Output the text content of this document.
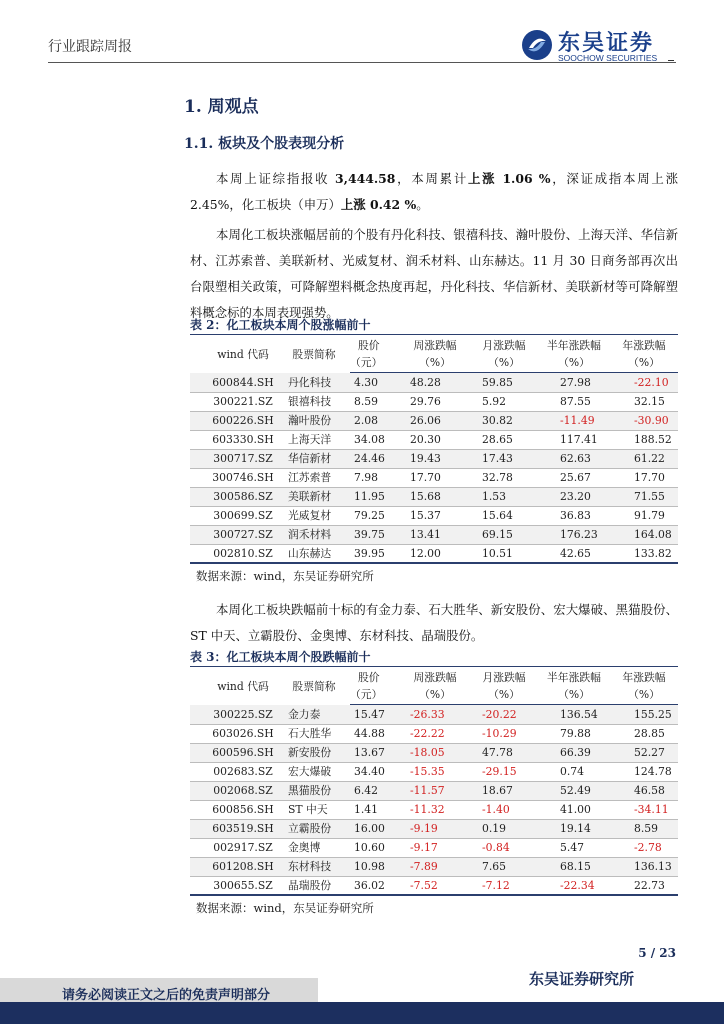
行业跟踪周报	东吴证券
SOOCHOW SECURITIES
1. 周观点
1.1. 板块及个股表现分析
本周上证综指报收 3,444.58，本周累计上涨 1.06 %，深证成指本周上涨 2.45%，化工板块（申万）上涨 0.42 %。
本周化工板块涨幅居前的个股有丹化科技、银禧科技、瀚叶股份、上海天洋、华信新材、江苏索普、美联新材、光威复材、润禾材料、山东赫达。11 月 30 日商务部再次出台限塑相关政策，可降解塑料概念热度再起，丹化科技、华信新材、美联新材等可降解塑料概念标的本周表现强势。
表 2：化工板块本周个股涨幅前十
wind 代码	股票简称	股价	周涨跌幅	月涨跌幅	半年涨跌幅	年涨跌幅
		（元）	（%）	（%）	（%）	（%）
600844.SH	丹化科技	4.30	48.28	59.85	27.98	-22.10
300221.SZ	银禧科技	8.59	29.76	5.92	87.55	32.15
600226.SH	瀚叶股份	2.08	26.06	30.82	-11.49	-30.90
603330.SH	上海天洋	34.08	20.30	28.65	117.41	188.52
300717.SZ	华信新材	24.46	19.43	17.43	62.63	61.22
300746.SH	江苏索普	7.98	17.70	32.78	25.67	17.70
300586.SZ	美联新材	11.95	15.68	1.53	23.20	71.55
300699.SZ	光威复材	79.25	15.37	15.64	36.83	91.79
300727.SZ	润禾材料	39.75	13.41	69.15	176.23	164.08
002810.SZ	山东赫达	39.95	12.00	10.51	42.65	133.82
数据来源：wind，东吴证券研究所
本周化工板块跌幅前十标的有金力泰、石大胜华、新安股份、宏大爆破、黑猫股份、ST 中天、立霸股份、金奥博、东材科技、晶瑞股份。
表 3：化工板块本周个股跌幅前十
wind 代码	股票简称	股价	周涨跌幅	月涨跌幅	半年涨跌幅	年涨跌幅
		（元）	（%）	（%）	（%）	（%）
300225.SZ	金力泰	15.47	-26.33	-20.22	136.54	155.25
603026.SH	石大胜华	44.88	-22.22	-10.29	79.88	28.85
600596.SH	新安股份	13.67	-18.05	47.78	66.39	52.27
002683.SZ	宏大爆破	34.40	-15.35	-29.15	0.74	124.78
002068.SZ	黑猫股份	6.42	-11.57	18.67	52.49	46.58
600856.SH	ST 中天	1.41	-11.32	-1.40	41.00	-34.11
603519.SH	立霸股份	16.00	-9.19	0.19	19.14	8.59
002917.SZ	金奥博	10.60	-9.17	-0.84	5.47	-2.78
601208.SH	东材科技	10.98	-7.89	7.65	68.15	136.13
300655.SZ	晶瑞股份	36.02	-7.52	-7.12	-22.34	22.73
数据来源：wind，东吴证券研究所
5 / 23
东吴证券研究所
请务必阅读正文之后的免责声明部分
